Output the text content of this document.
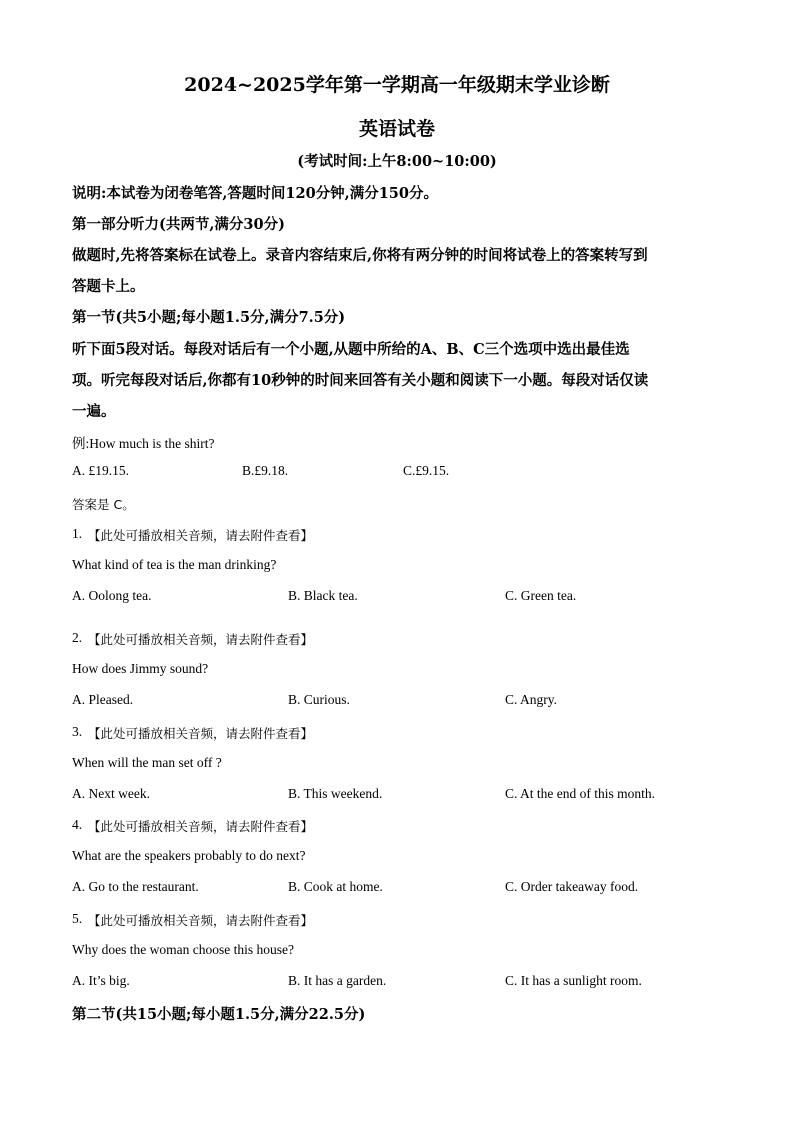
2024~2025学年第一学期高一年级期末学业诊断
英语试卷
(考试时间:上午8:00~10:00)
说明:本试卷为闭卷笔答,答题时间120分钟,满分150分。
第一部分听力(共两节,满分30分)
做题时,先将答案标在试卷上。录音内容结束后,你将有两分钟的时间将试卷上的答案转写到
答题卡上。
第一节(共5小题;每小题1.5分,满分7.5分)
听下面5段对话。每段对话后有一个小题,从题中所给的A、B、C三个选项中选出最佳选
项。听完每段对话后,你都有10秒钟的时间来回答有关小题和阅读下一小题。每段对话仅读
一遍。
例:How much is the shirt?
A. £19.15.	B.£9.18.	C.£9.15.
答案是 C。
1. 【此处可播放相关音频，请去附件查看】
What kind of tea is the man drinking?
A. Oolong tea.	B. Black tea.	C. Green tea.
2. 【此处可播放相关音频，请去附件查看】
How does Jimmy sound?
A. Pleased.	B. Curious.	C. Angry.
3. 【此处可播放相关音频，请去附件查看】
When will the man set off ?
A. Next week.	B. This weekend.	C. At the end of this month.
4. 【此处可播放相关音频，请去附件查看】
What are the speakers probably to do next?
A. Go to the restaurant.	B. Cook at home.	C. Order takeaway food.
5. 【此处可播放相关音频，请去附件查看】
Why does the woman choose this house?
A. It’s big.	B. It has a garden.	C. It has a sunlight room.
第二节(共15小题;每小题1.5分,满分22.5分)
